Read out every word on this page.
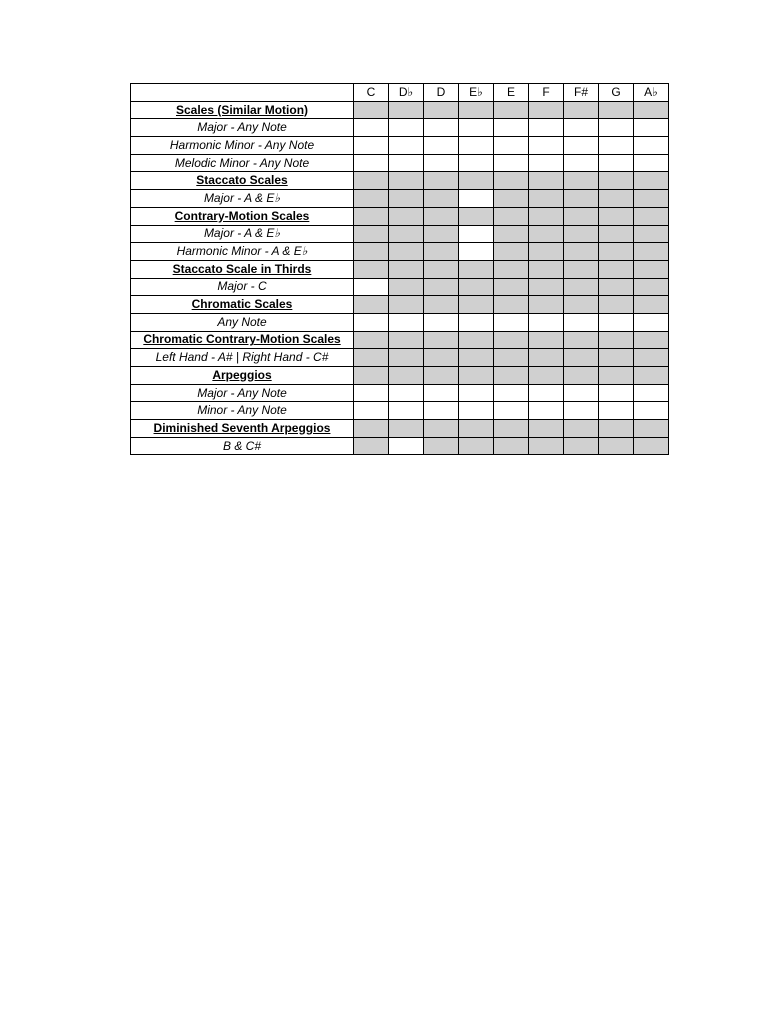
	C	D♭	D	E♭	E	F	F#	G	A♭
Scales (Similar Motion)									
Major - Any Note									
Harmonic Minor - Any Note									
Melodic Minor - Any Note									
Staccato Scales									
Major - A & E♭									
Contrary-Motion Scales									
Major - A & E♭									
Harmonic Minor - A & E♭									
Staccato Scale in Thirds									
Major - C									
Chromatic Scales									
Any Note									
Chromatic Contrary-Motion Scales									
Left Hand - A# | Right Hand - C#									
Arpeggios									
Major - Any Note									
Minor - Any Note									
Diminished Seventh Arpeggios									
B & C#									
